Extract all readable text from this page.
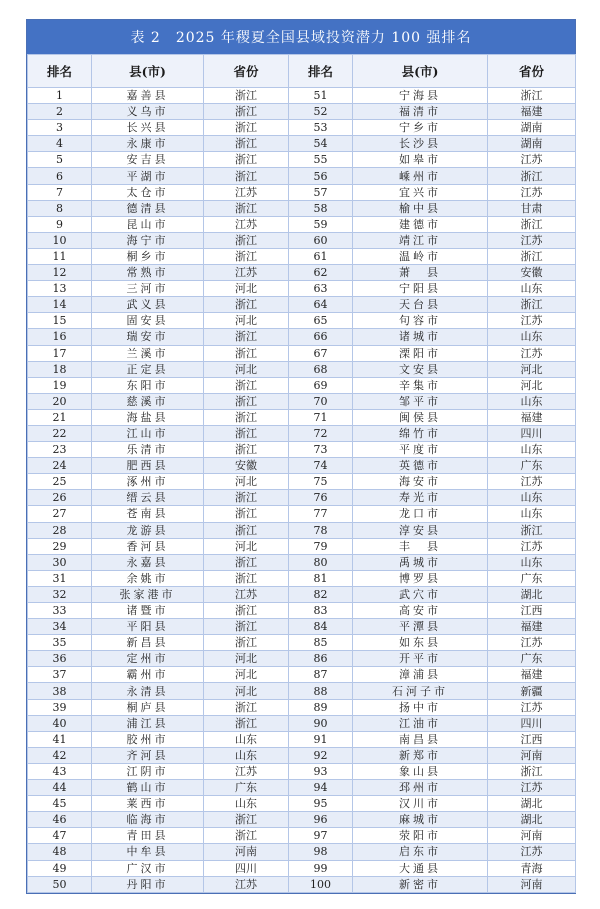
表 2　2025 年稷夏全国县域投资潜力 100 强排名
排名	县(市)	省份	排名	县(市)	省份
1	嘉善县	浙江	51	宁海县	浙江
2	义乌市	浙江	52	福清市	福建
3	长兴县	浙江	53	宁乡市	湖南
4	永康市	浙江	54	长沙县	湖南
5	安吉县	浙江	55	如皋市	江苏
6	平湖市	浙江	56	嵊州市	浙江
7	太仓市	江苏	57	宜兴市	江苏
8	德清县	浙江	58	榆中县	甘肃
9	昆山市	江苏	59	建德市	浙江
10	海宁市	浙江	60	靖江市	江苏
11	桐乡市	浙江	61	温岭市	浙江
12	常熟市	江苏	62	萧　县	安徽
13	三河市	河北	63	宁阳县	山东
14	武义县	浙江	64	天台县	浙江
15	固安县	河北	65	句容市	江苏
16	瑞安市	浙江	66	诸城市	山东
17	兰溪市	浙江	67	溧阳市	江苏
18	正定县	河北	68	文安县	河北
19	东阳市	浙江	69	辛集市	河北
20	慈溪市	浙江	70	邹平市	山东
21	海盐县	浙江	71	闽侯县	福建
22	江山市	浙江	72	绵竹市	四川
23	乐清市	浙江	73	平度市	山东
24	肥西县	安徽	74	英德市	广东
25	涿州市	河北	75	海安市	江苏
26	缙云县	浙江	76	寿光市	山东
27	苍南县	浙江	77	龙口市	山东
28	龙游县	浙江	78	淳安县	浙江
29	香河县	河北	79	丰　县	江苏
30	永嘉县	浙江	80	禹城市	山东
31	余姚市	浙江	81	博罗县	广东
32	张家港市	江苏	82	武穴市	湖北
33	诸暨市	浙江	83	高安市	江西
34	平阳县	浙江	84	平潭县	福建
35	新昌县	浙江	85	如东县	江苏
36	定州市	河北	86	开平市	广东
37	霸州市	河北	87	漳浦县	福建
38	永清县	河北	88	石河子市	新疆
39	桐庐县	浙江	89	扬中市	江苏
40	浦江县	浙江	90	江油市	四川
41	胶州市	山东	91	南昌县	江西
42	齐河县	山东	92	新郑市	河南
43	江阴市	江苏	93	象山县	浙江
44	鹤山市	广东	94	邳州市	江苏
45	莱西市	山东	95	汉川市	湖北
46	临海市	浙江	96	麻城市	湖北
47	青田县	浙江	97	荥阳市	河南
48	中牟县	河南	98	启东市	江苏
49	广汉市	四川	99	大通县	青海
50	丹阳市	江苏	100	新密市	河南
